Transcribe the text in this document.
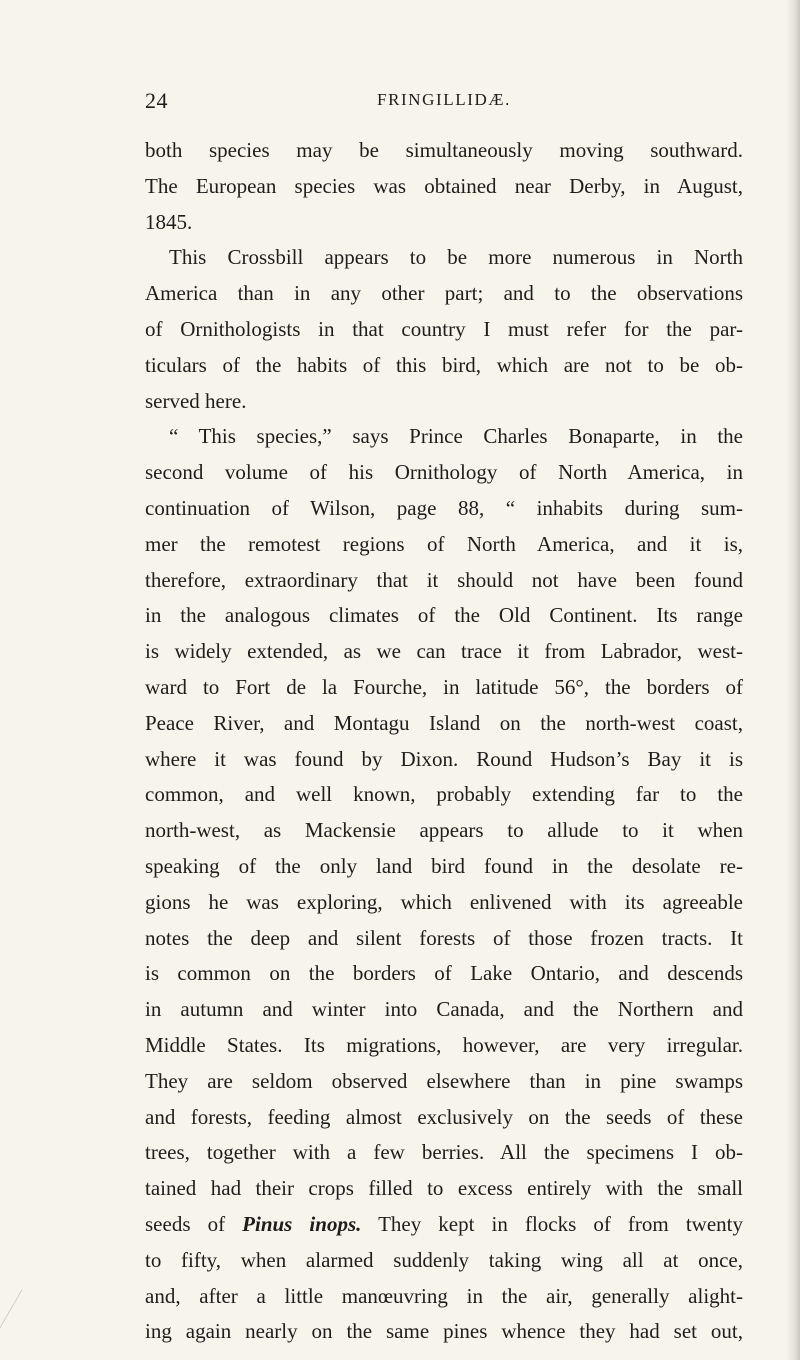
24	FRINGILLIDÆ.
both species may be simultaneously moving southward.
The European species was obtained near Derby, in August,
1845.
This Crossbill appears to be more numerous in North
America than in any other part; and to the observations
of Ornithologists in that country I must refer for the par-
ticulars of the habits of this bird, which are not to be ob-
served here.
“ This species,” says Prince Charles Bonaparte, in the
second volume of his Ornithology of North America, in
continuation of Wilson, page 88, “ inhabits during sum-
mer the remotest regions of North America, and it is,
therefore, extraordinary that it should not have been found
in the analogous climates of the Old Continent. Its range
is widely extended, as we can trace it from Labrador, west-
ward to Fort de la Fourche, in latitude 56°, the borders of
Peace River, and Montagu Island on the north-west coast,
where it was found by Dixon. Round Hudson’s Bay it is
common, and well known, probably extending far to the
north-west, as Mackensie appears to allude to it when
speaking of the only land bird found in the desolate re-
gions he was exploring, which enlivened with its agreeable
notes the deep and silent forests of those frozen tracts. It
is common on the borders of Lake Ontario, and descends
in autumn and winter into Canada, and the Northern and
Middle States. Its migrations, however, are very irregular.
They are seldom observed elsewhere than in pine swamps
and forests, feeding almost exclusively on the seeds of these
trees, together with a few berries. All the specimens I ob-
tained had their crops filled to excess entirely with the small
seeds of Pinus inops. They kept in flocks of from twenty
to fifty, when alarmed suddenly taking wing all at once,
and, after a little manœuvring in the air, generally alight-
ing again nearly on the same pines whence they had set out,
